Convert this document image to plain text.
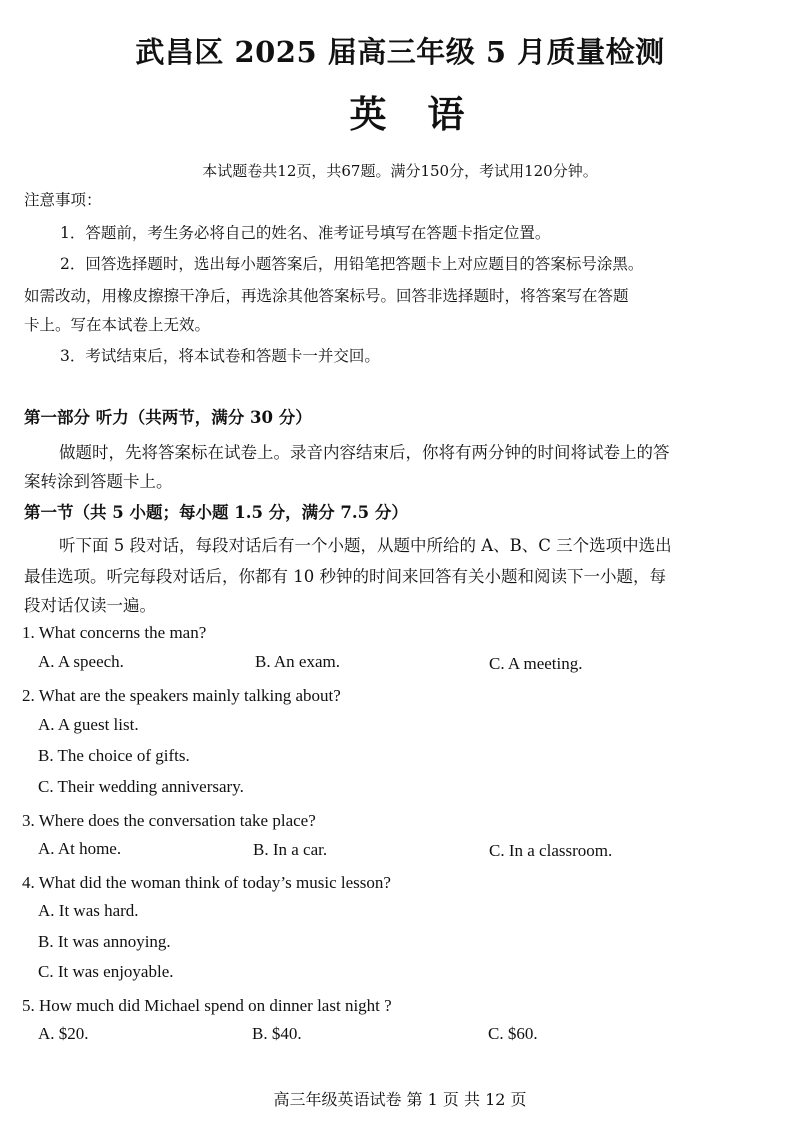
武昌区 2025 届高三年级 5 月质量检测
英 语
本试题卷共12页，共67题。满分150分，考试用120分钟。
注意事项：
1．答题前，考生务必将自己的姓名、准考证号填写在答题卡指定位置。
2．回答选择题时，选出每小题答案后，用铅笔把答题卡上对应题目的答案标号涂黑。
如需改动，用橡皮擦擦干净后，再选涂其他答案标号。回答非选择题时，将答案写在答题
卡上。写在本试卷上无效。
3．考试结束后，将本试卷和答题卡一并交回。
第一部分 听力（共两节，满分 30 分）
做题时，先将答案标在试卷上。录音内容结束后，你将有两分钟的时间将试卷上的答
案转涂到答题卡上。
第一节（共 5 小题；每小题 1.5 分，满分 7.5 分）
听下面 5 段对话，每段对话后有一个小题，从题中所给的 A、B、C 三个选项中选出
最佳选项。听完每段对话后，你都有 10 秒钟的时间来回答有关小题和阅读下一小题，每
段对话仅读一遍。
1. What concerns the man?
A. A speech.	B. An exam.	C. A meeting.
2. What are the speakers mainly talking about?
A. A guest list.
B. The choice of gifts.
C. Their wedding anniversary.
3. Where does the conversation take place?
A. At home.	B. In a car.	C. In a classroom.
4. What did the woman think of today’s music lesson?
A. It was hard.
B. It was annoying.
C. It was enjoyable.
5. How much did Michael spend on dinner last night ?
A. $20.	B. $40.	C. $60.
高三年级英语试卷 第 1 页 共 12 页
